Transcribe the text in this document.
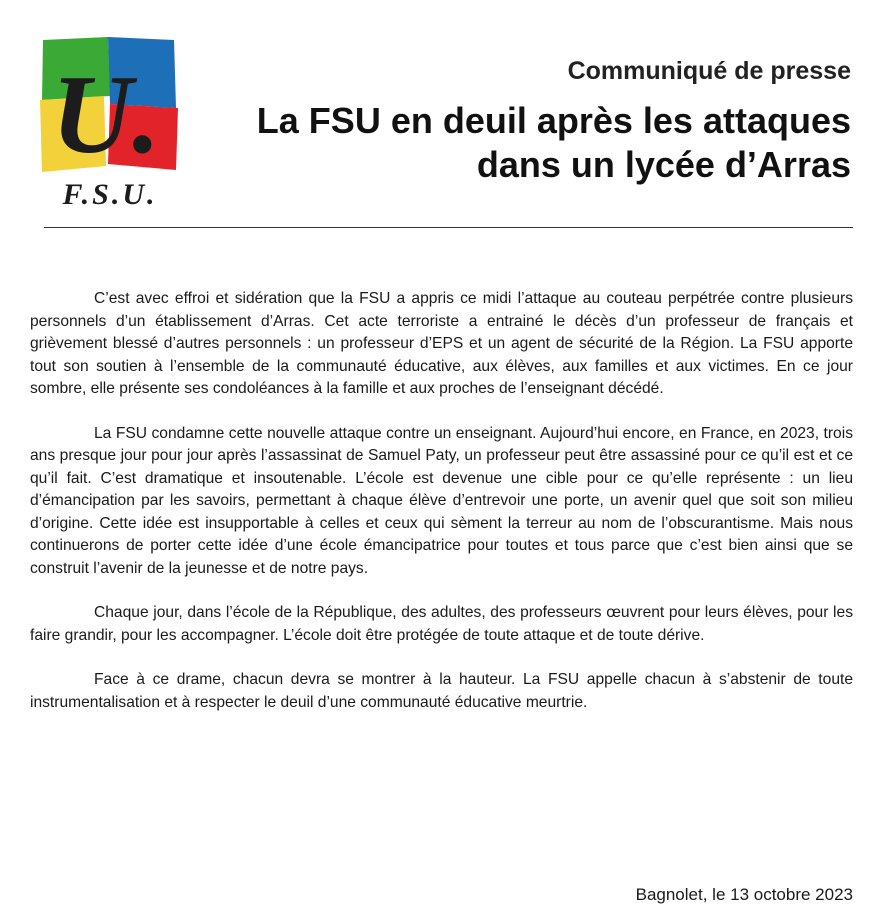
U.
F.S.U.
Communiqué de presse
La FSU en deuil après les attaques
dans un lycée d’Arras

C’est avec effroi et sidération que la FSU a appris ce midi l’attaque au couteau perpétrée contre plusieurs personnels d’un établissement d’Arras. Cet acte terroriste a entrainé le décès d’un professeur de français et grièvement blessé d’autres personnels : un professeur d’EPS et un agent de sécurité de la Région. La FSU apporte tout son soutien à l’ensemble de la communauté éducative, aux élèves, aux familles et aux victimes. En ce jour sombre, elle présente ses condoléances à la famille et aux proches de l’enseignant décédé.

La FSU condamne cette nouvelle attaque contre un enseignant. Aujourd’hui encore, en France, en 2023, trois ans presque jour pour jour après l’assassinat de Samuel Paty, un professeur peut être assassiné pour ce qu’il est et ce qu’il fait. C’est dramatique et insoutenable. L’école est devenue une cible pour ce qu’elle représente : un lieu d’émancipation par les savoirs, permettant à chaque élève d’entrevoir une porte, un avenir quel que soit son milieu d’origine. Cette idée est insupportable à celles et ceux qui sèment la terreur au nom de l’obscurantisme. Mais nous continuerons de porter cette idée d’une école émancipatrice pour toutes et tous parce que c’est bien ainsi que se construit l’avenir de la jeunesse et de notre pays.

Chaque jour, dans l’école de la République, des adultes, des professeurs œuvrent pour leurs élèves, pour les faire grandir, pour les accompagner. L’école doit être protégée de toute attaque et de toute dérive.

Face à ce drame, chacun devra se montrer à la hauteur. La FSU appelle chacun à s’abstenir de toute instrumentalisation et à respecter le deuil d’une communauté éducative meurtrie.

Bagnolet, le 13 octobre 2023
